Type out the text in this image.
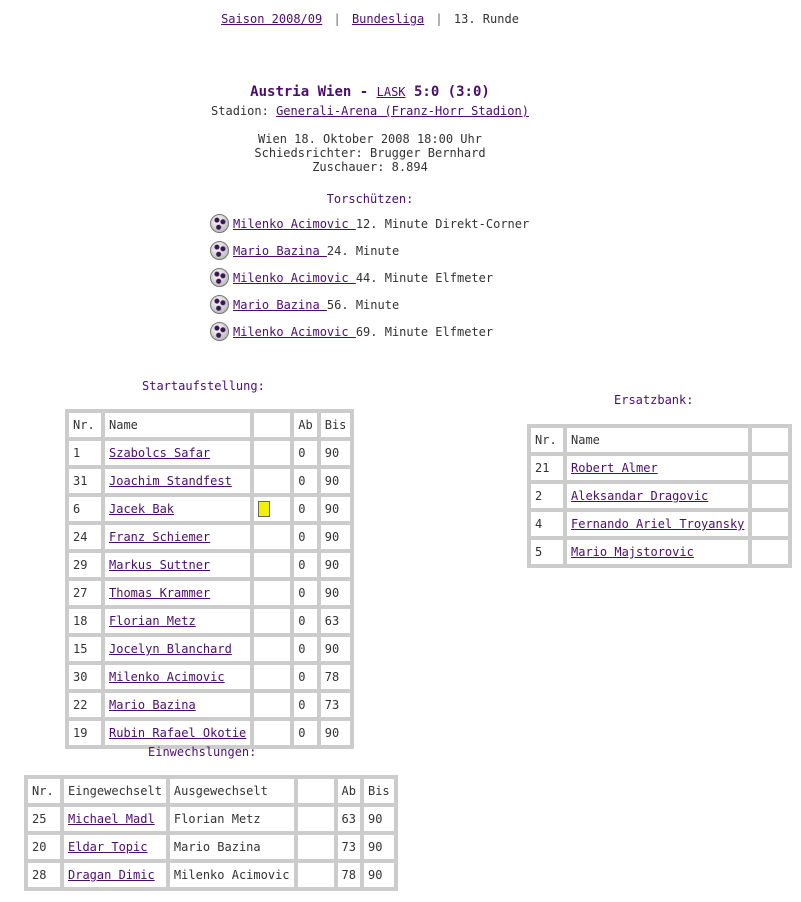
Saison 2008/09 | Bundesliga | 13. Runde
Austria Wien - LASK 5:0 (3:0)
Stadion: Generali-Arena (Franz-Horr Stadion)
Wien 18. Oktober 2008 18:00 Uhr
Schiedsrichter: Brugger Bernhard
Zuschauer: 8.894
Torschützen:
Milenko Acimovic 12. Minute Direkt-Corner
Mario Bazina 24. Minute
Milenko Acimovic 44. Minute Elfmeter
Mario Bazina 56. Minute
Milenko Acimovic 69. Minute Elfmeter
Startaufstellung:
Nr.	Name		Ab	Bis
1	Szabolcs Safar		0	90
31	Joachim Standfest		0	90
6	Jacek Bak		0	90
24	Franz Schiemer		0	90
29	Markus Suttner		0	90
27	Thomas Krammer		0	90
18	Florian Metz		0	63
15	Jocelyn Blanchard		0	90
30	Milenko Acimovic		0	78
22	Mario Bazina		0	73
19	Rubin Rafael Okotie		0	90
Ersatzbank:
Nr.	Name	
21	Robert Almer	
2	Aleksandar Dragovic	
4	Fernando Ariel Troyansky	
5	Mario Majstorovic	
Einwechslungen:
Nr.	Eingewechselt	Ausgewechselt		Ab	Bis
25	Michael Madl	Florian Metz		63	90
20	Eldar Topic	Mario Bazina		73	90
28	Dragan Dimic	Milenko Acimovic		78	90
